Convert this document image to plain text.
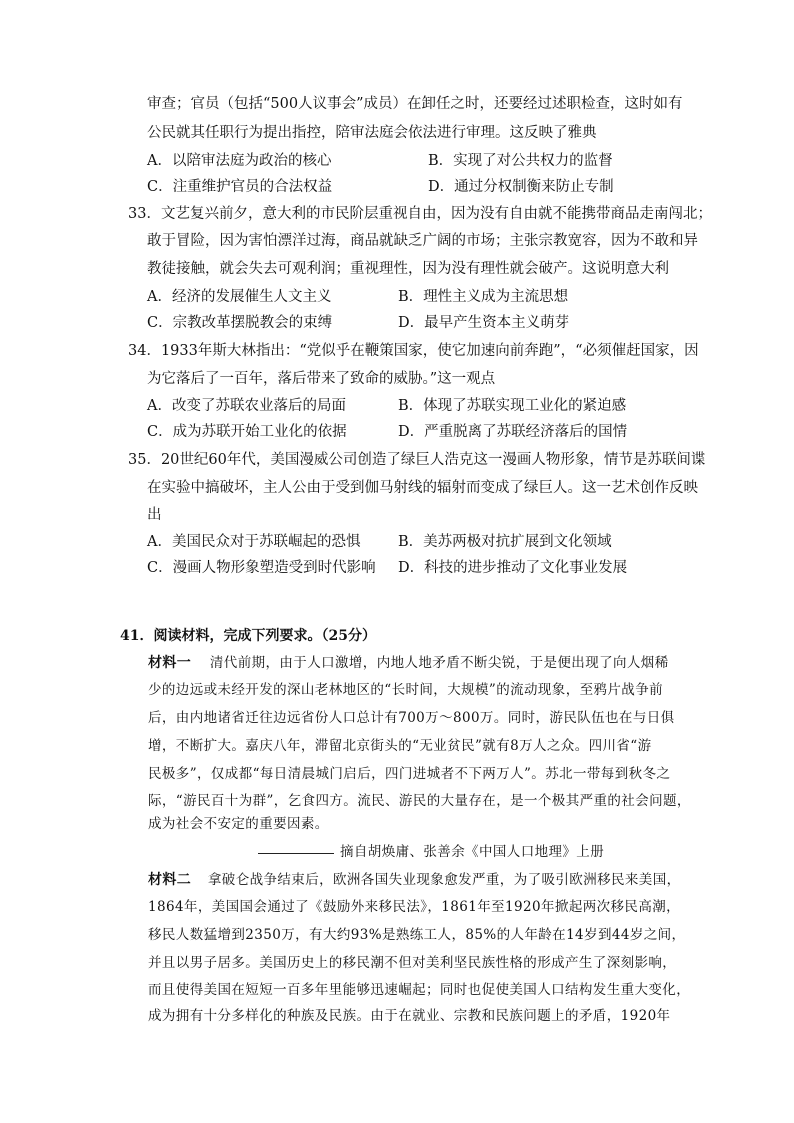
审查；官员（包括“500人议事会”成员）在卸任之时，还要经过述职检查，这时如有
公民就其任职行为提出指控，陪审法庭会依法进行审理。这反映了雅典
A．以陪审法庭为政治的核心	B．实现了对公共权力的监督
C．注重维护官员的合法权益	D．通过分权制衡来防止专制
33．文艺复兴前夕，意大利的市民阶层重视自由，因为没有自由就不能携带商品走南闯北；
敢于冒险，因为害怕漂洋过海，商品就缺乏广阔的市场；主张宗教宽容，因为不敢和异
教徒接触，就会失去可观利润；重视理性，因为没有理性就会破产。这说明意大利
A．经济的发展催生人文主义	B．理性主义成为主流思想
C．宗教改革摆脱教会的束缚	D．最早产生资本主义萌芽
34．1933年斯大林指出：“党似乎在鞭策国家，使它加速向前奔跑”，“必须催赶国家，因
为它落后了一百年，落后带来了致命的威胁。”这一观点
A．改变了苏联农业落后的局面	B．体现了苏联实现工业化的紧迫感
C．成为苏联开始工业化的依据	D．严重脱离了苏联经济落后的国情
35．20世纪60年代，美国漫威公司创造了绿巨人浩克这一漫画人物形象，情节是苏联间谍
在实验中搞破坏，主人公由于受到伽马射线的辐射而变成了绿巨人。这一艺术创作反映
出
A．美国民众对于苏联崛起的恐惧	B．美苏两极对抗扩展到文化领域
C．漫画人物形象塑造受到时代影响 D．科技的进步推动了文化事业发展
41．阅读材料，完成下列要求。（25分）
材料一 清代前期，由于人口激增，内地人地矛盾不断尖锐，于是便出现了向人烟稀
少的边远或未经开发的深山老林地区的“长时间，大规模”的流动现象，至鸦片战争前
后，由内地诸省迁往边远省份人口总计有700万～800万。同时，游民队伍也在与日俱
增，不断扩大。嘉庆八年，滞留北京街头的“无业贫民”就有8万人之众。四川省“游
民极多”，仅成都“每日清晨城门启后，四门进城者不下两万人”。苏北一带每到秋冬之
际，“游民百十为群”，乞食四方。流民、游民的大量存在，是一个极其严重的社会问题，
成为社会不安定的重要因素。
摘自胡焕庸、张善余《中国人口地理》上册
材料二 拿破仑战争结束后，欧洲各国失业现象愈发严重，为了吸引欧洲移民来美国，
1864年，美国国会通过了《鼓励外来移民法》，1861年至1920年掀起两次移民高潮，
移民人数猛增到2350万，有大约93%是熟练工人，85%的人年龄在14岁到44岁之间，
并且以男子居多。美国历史上的移民潮不但对美利坚民族性格的形成产生了深刻影响，
而且使得美国在短短一百多年里能够迅速崛起；同时也促使美国人口结构发生重大变化，
成为拥有十分多样化的种族及民族。由于在就业、宗教和民族问题上的矛盾，1920年
